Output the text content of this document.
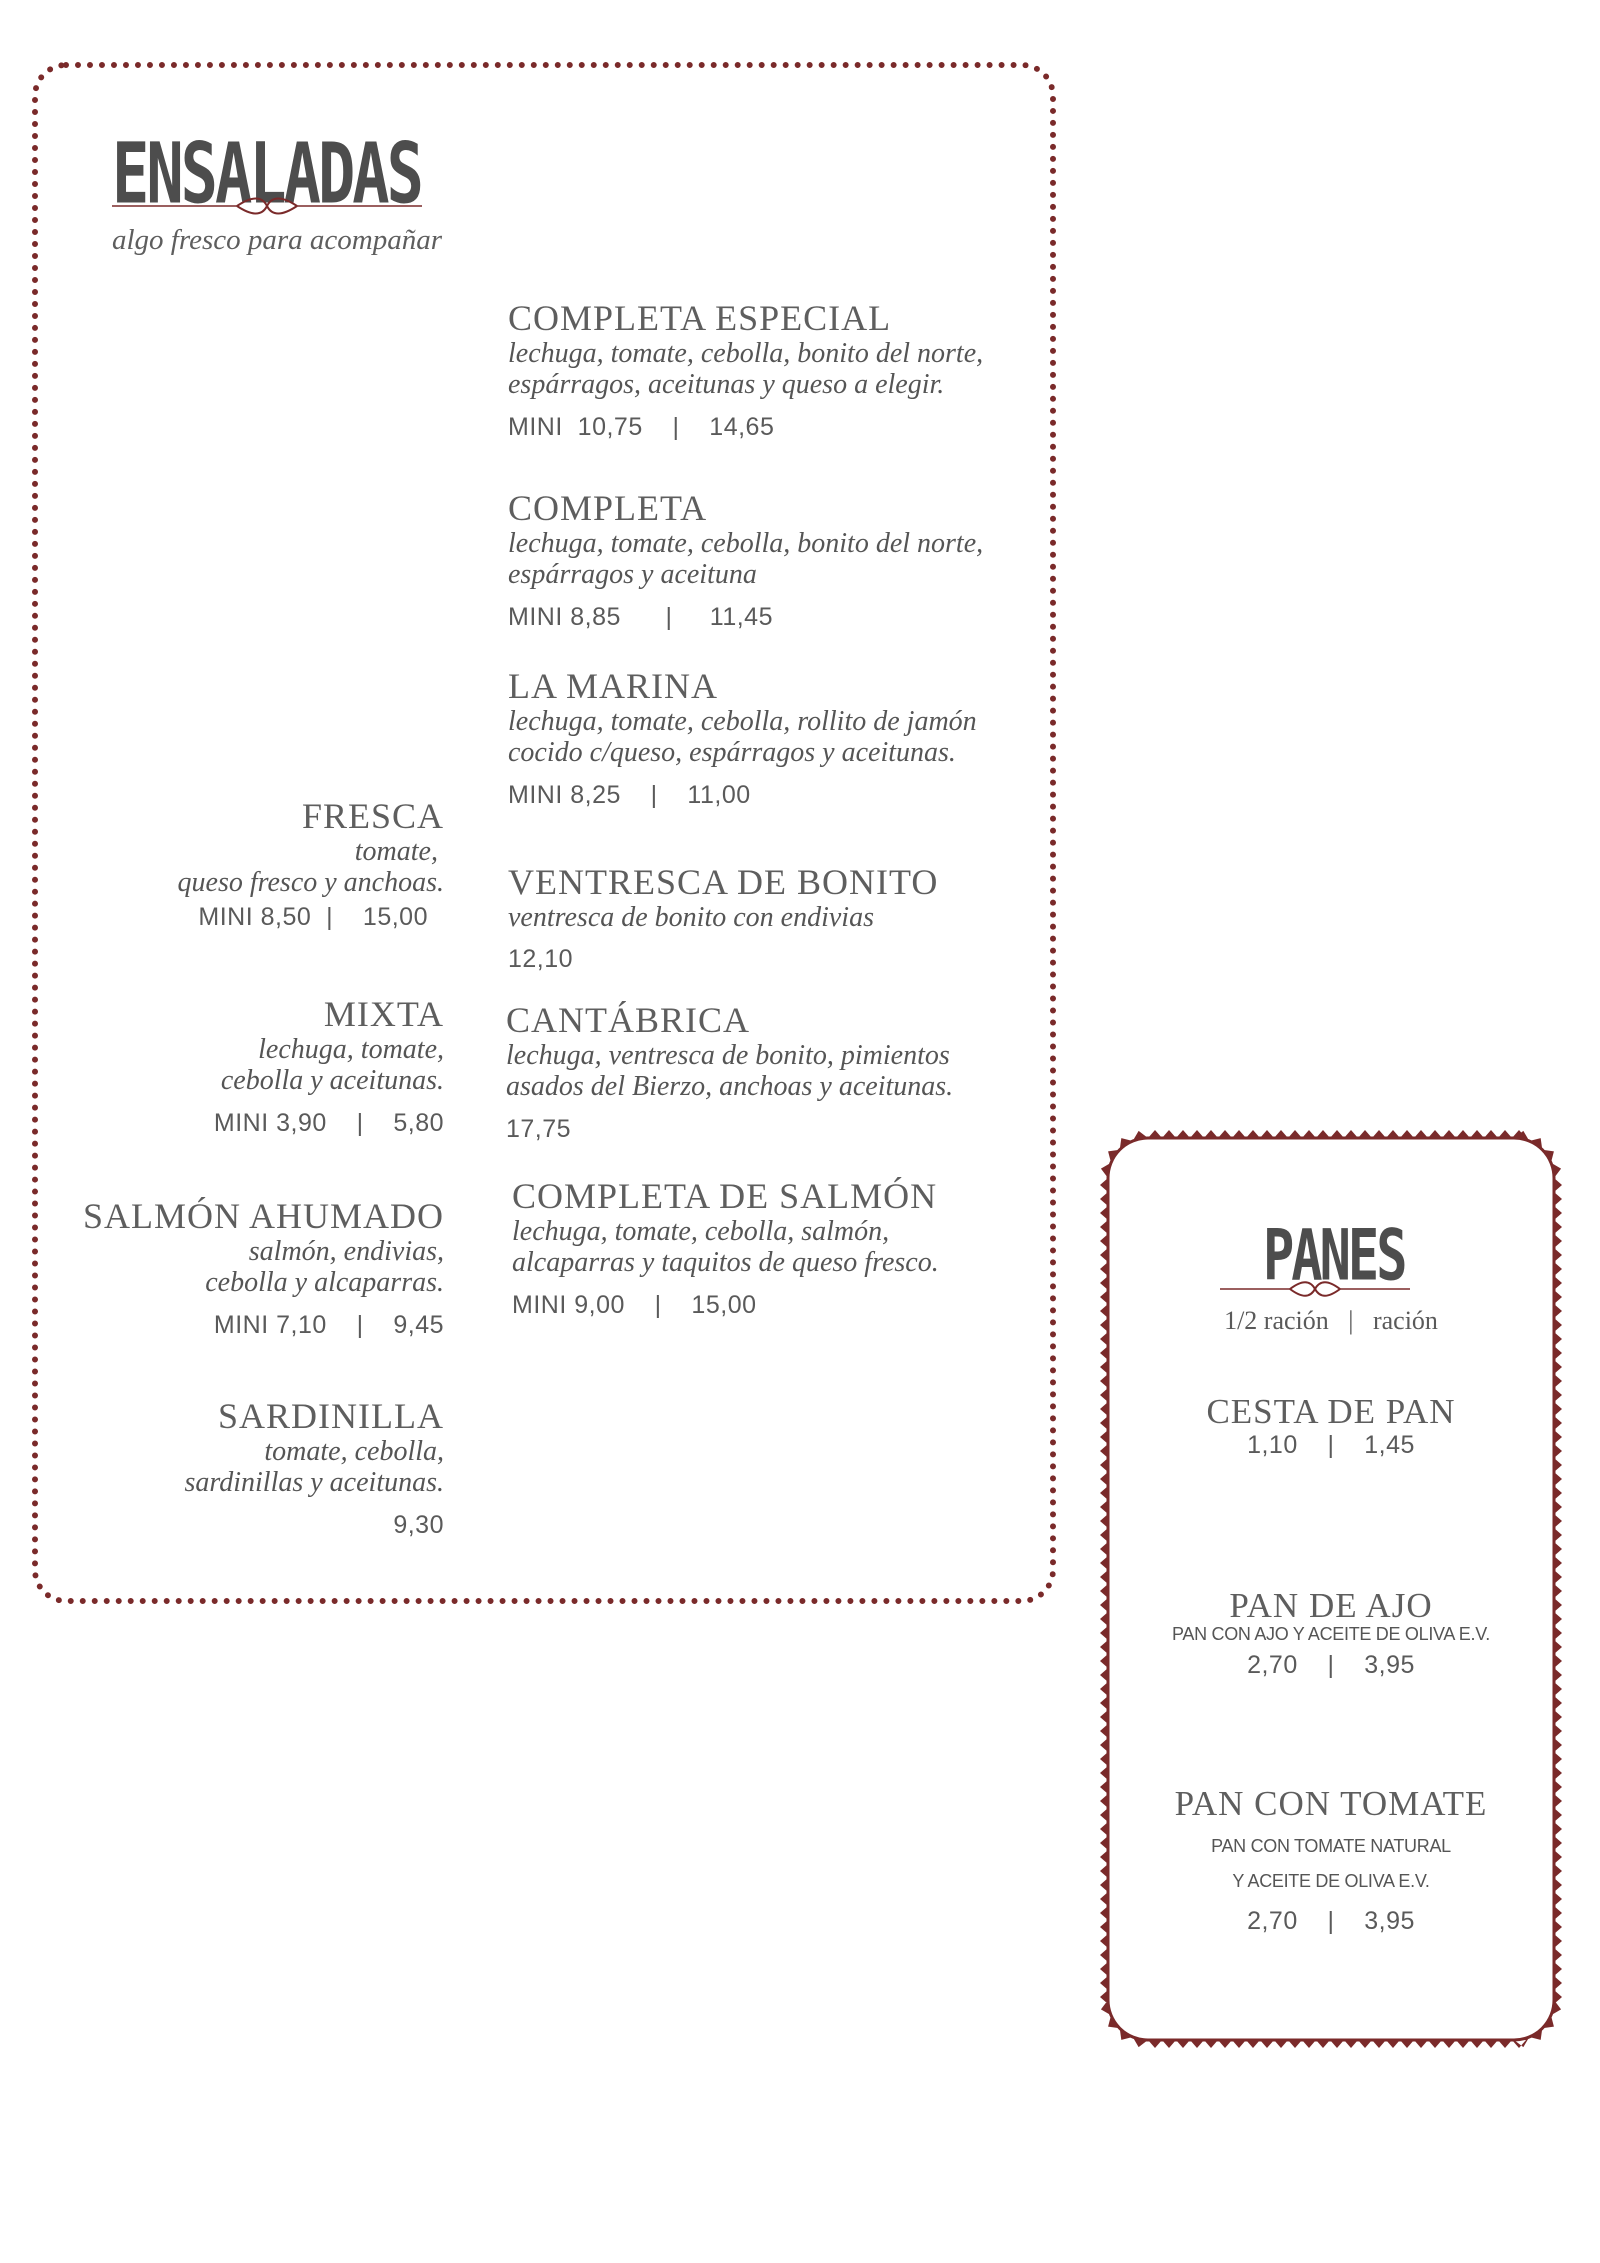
ENSALADAS
algo fresco para acompañar
COMPLETA ESPECIAL
lechuga, tomate, cebolla, bonito del norte, espárragos, aceitunas y queso a elegir.
MINI  10,75    |    14,65
COMPLETA
lechuga, tomate, cebolla, bonito del norte, espárragos y aceituna
MINI 8,85      |     11,45
LA MARINA
lechuga, tomate, cebolla, rollito de jamón cocido c/queso, espárragos y aceitunas.
MINI 8,25    |    11,00
VENTRESCA DE BONITO
ventresca de bonito con endivias
12,10
CANTÁBRICA
lechuga, ventresca de bonito, pimientos asados del Bierzo, anchoas y aceitunas.
17,75
COMPLETA DE SALMÓN
lechuga, tomate, cebolla, salmón, alcaparras y taquitos de queso fresco.
MINI 9,00    |    15,00
FRESCA
tomate,
queso fresco y anchoas.
MINI 8,50  |    15,00
MIXTA
lechuga, tomate,
cebolla y aceitunas.
MINI 3,90    |    5,80
SALMÓN AHUMADO
salmón, endivias,
cebolla y alcaparras.
MINI 7,10    |    9,45
SARDINILLA
tomate, cebolla,
sardinillas y aceitunas.
9,30
PANES
1/2 ración   |   ración
CESTA DE PAN
1,10    |    1,45
PAN DE AJO
PAN CON AJO Y ACEITE DE OLIVA E.V.
2,70    |    3,95
PAN CON TOMATE
PAN CON TOMATE NATURAL
Y ACEITE DE OLIVA E.V.
2,70    |    3,95
